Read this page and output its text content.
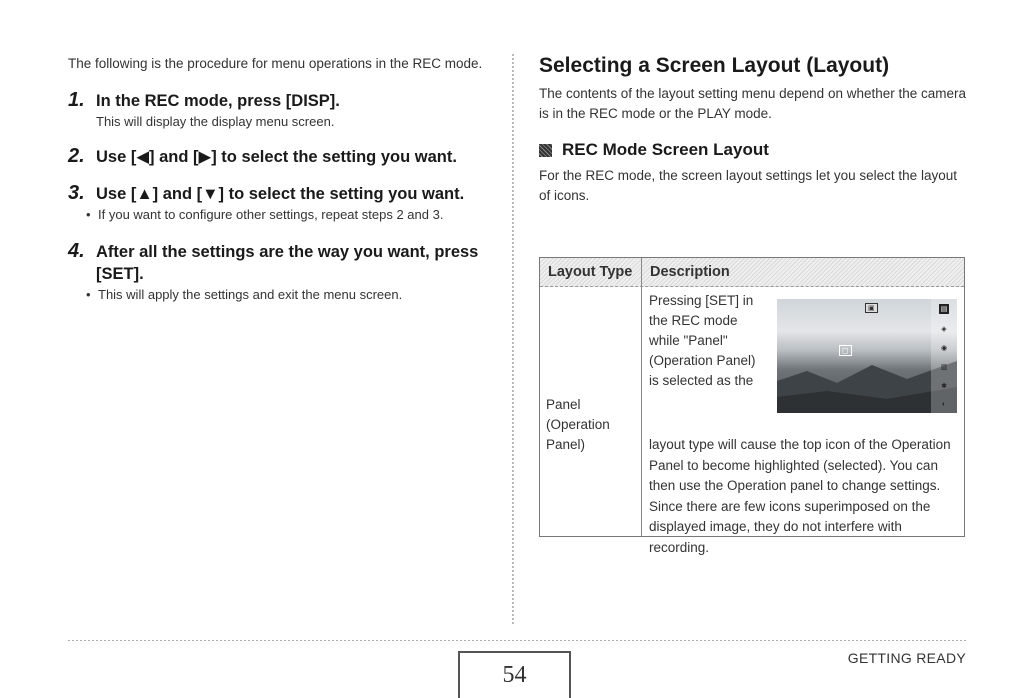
The following is the procedure for menu operations in the REC mode.

1. In the REC mode, press [DISP].
This will display the display menu screen.
2. Use [◀] and [▶] to select the setting you want.
3. Use [▲] and [▼] to select the setting you want.
• If you want to configure other settings, repeat steps 2 and 3.
4. After all the settings are the way you want, press [SET].
• This will apply the settings and exit the menu screen.
Selecting a Screen Layout (Layout)

The contents of the layout setting menu depend on whether the camera is in the REC mode or the PLAY mode.

REC Mode Screen Layout

For the REC mode, the screen layout settings let you select the layout of icons.

Layout Type	Description
Panel (Operation Panel)
Pressing [SET] in the REC mode while "Panel" (Operation Panel) is selected as the
▣
◻
▤
◈
◉
▥
✱
◐
layout type will cause the top icon of the Operation Panel to become highlighted (selected). You can then use the Operation panel to change settings. Since there are few icons superimposed on the displayed image, they do not interfere with recording.
54
GETTING READY
